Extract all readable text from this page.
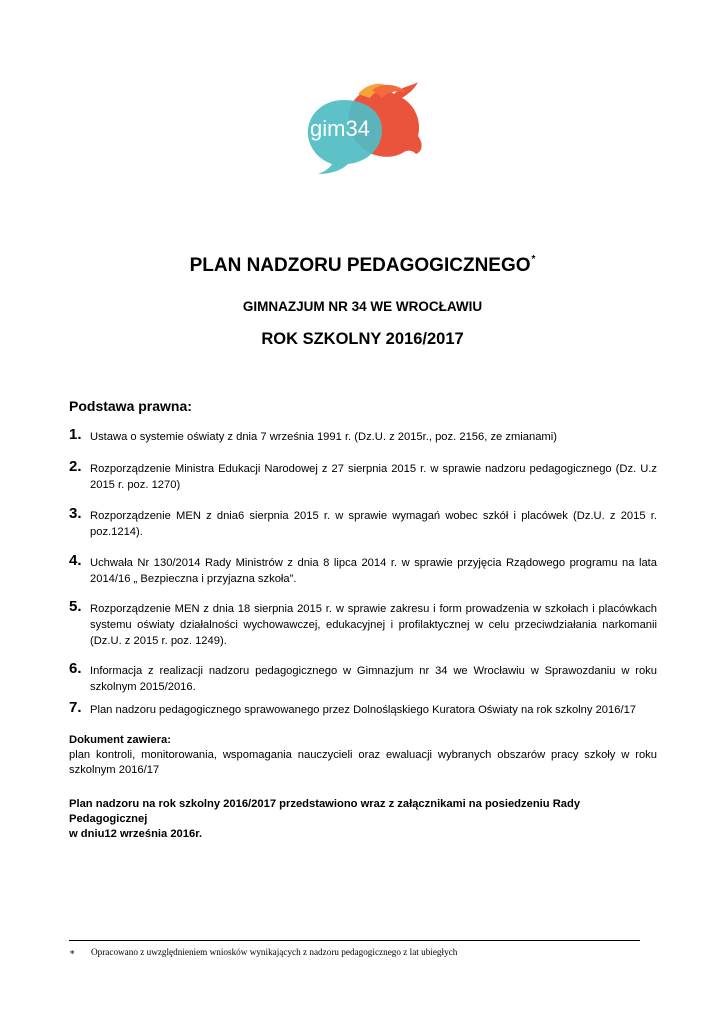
gim34
PLAN NADZORU PEDAGOGICZNEGO*
GIMNAZJUM NR 34 WE WROCŁAWIU
ROK SZKOLNY 2016/2017
Podstawa prawna:
1. Ustawa o systemie oświaty z dnia 7 września 1991 r. (Dz.U. z 2015r., poz. 2156, ze zmianami)
2. Rozporządzenie Ministra Edukacji Narodowej z 27 sierpnia 2015 r. w sprawie nadzoru pedagogicznego (Dz. U.z 2015 r. poz. 1270)
3. Rozporządzenie MEN z dnia6 sierpnia 2015 r. w sprawie wymagań wobec szkół i placówek (Dz.U. z 2015 r. poz.1214).
4. Uchwała Nr 130/2014 Rady Ministrów z dnia 8 lipca 2014 r. w sprawie przyjęcia Rządowego programu na lata 2014/16 „ Bezpieczna i przyjazna szkoła”.
5. Rozporządzenie MEN z dnia 18 sierpnia 2015 r. w sprawie zakresu i form prowadzenia w szkołach i placówkach systemu oświaty działalności wychowawczej, edukacyjnej i profilaktycznej w celu przeciwdziałania narkomanii (Dz.U. z 2015 r. poz. 1249).
6. Informacja z realizacji nadzoru pedagogicznego w Gimnazjum nr 34 we Wrocławiu w Sprawozdaniu w roku szkolnym 2015/2016.
7. Plan nadzoru pedagogicznego sprawowanego przez Dolnośląskiego Kuratora Oświaty na rok szkolny 2016/17
Dokument zawiera:
plan kontroli, monitorowania, wspomagania nauczycieli oraz ewaluacji wybranych obszarów pracy szkoły w roku szkolnym 2016/17
Plan nadzoru na rok szkolny 2016/2017 przedstawiono wraz z załącznikami na posiedzeniu Rady Pedagogicznej
w dniu12 września 2016r.
∗ Opracowano z uwzględnieniem wniosków wynikających z nadzoru pedagogicznego z lat ubiegłych
